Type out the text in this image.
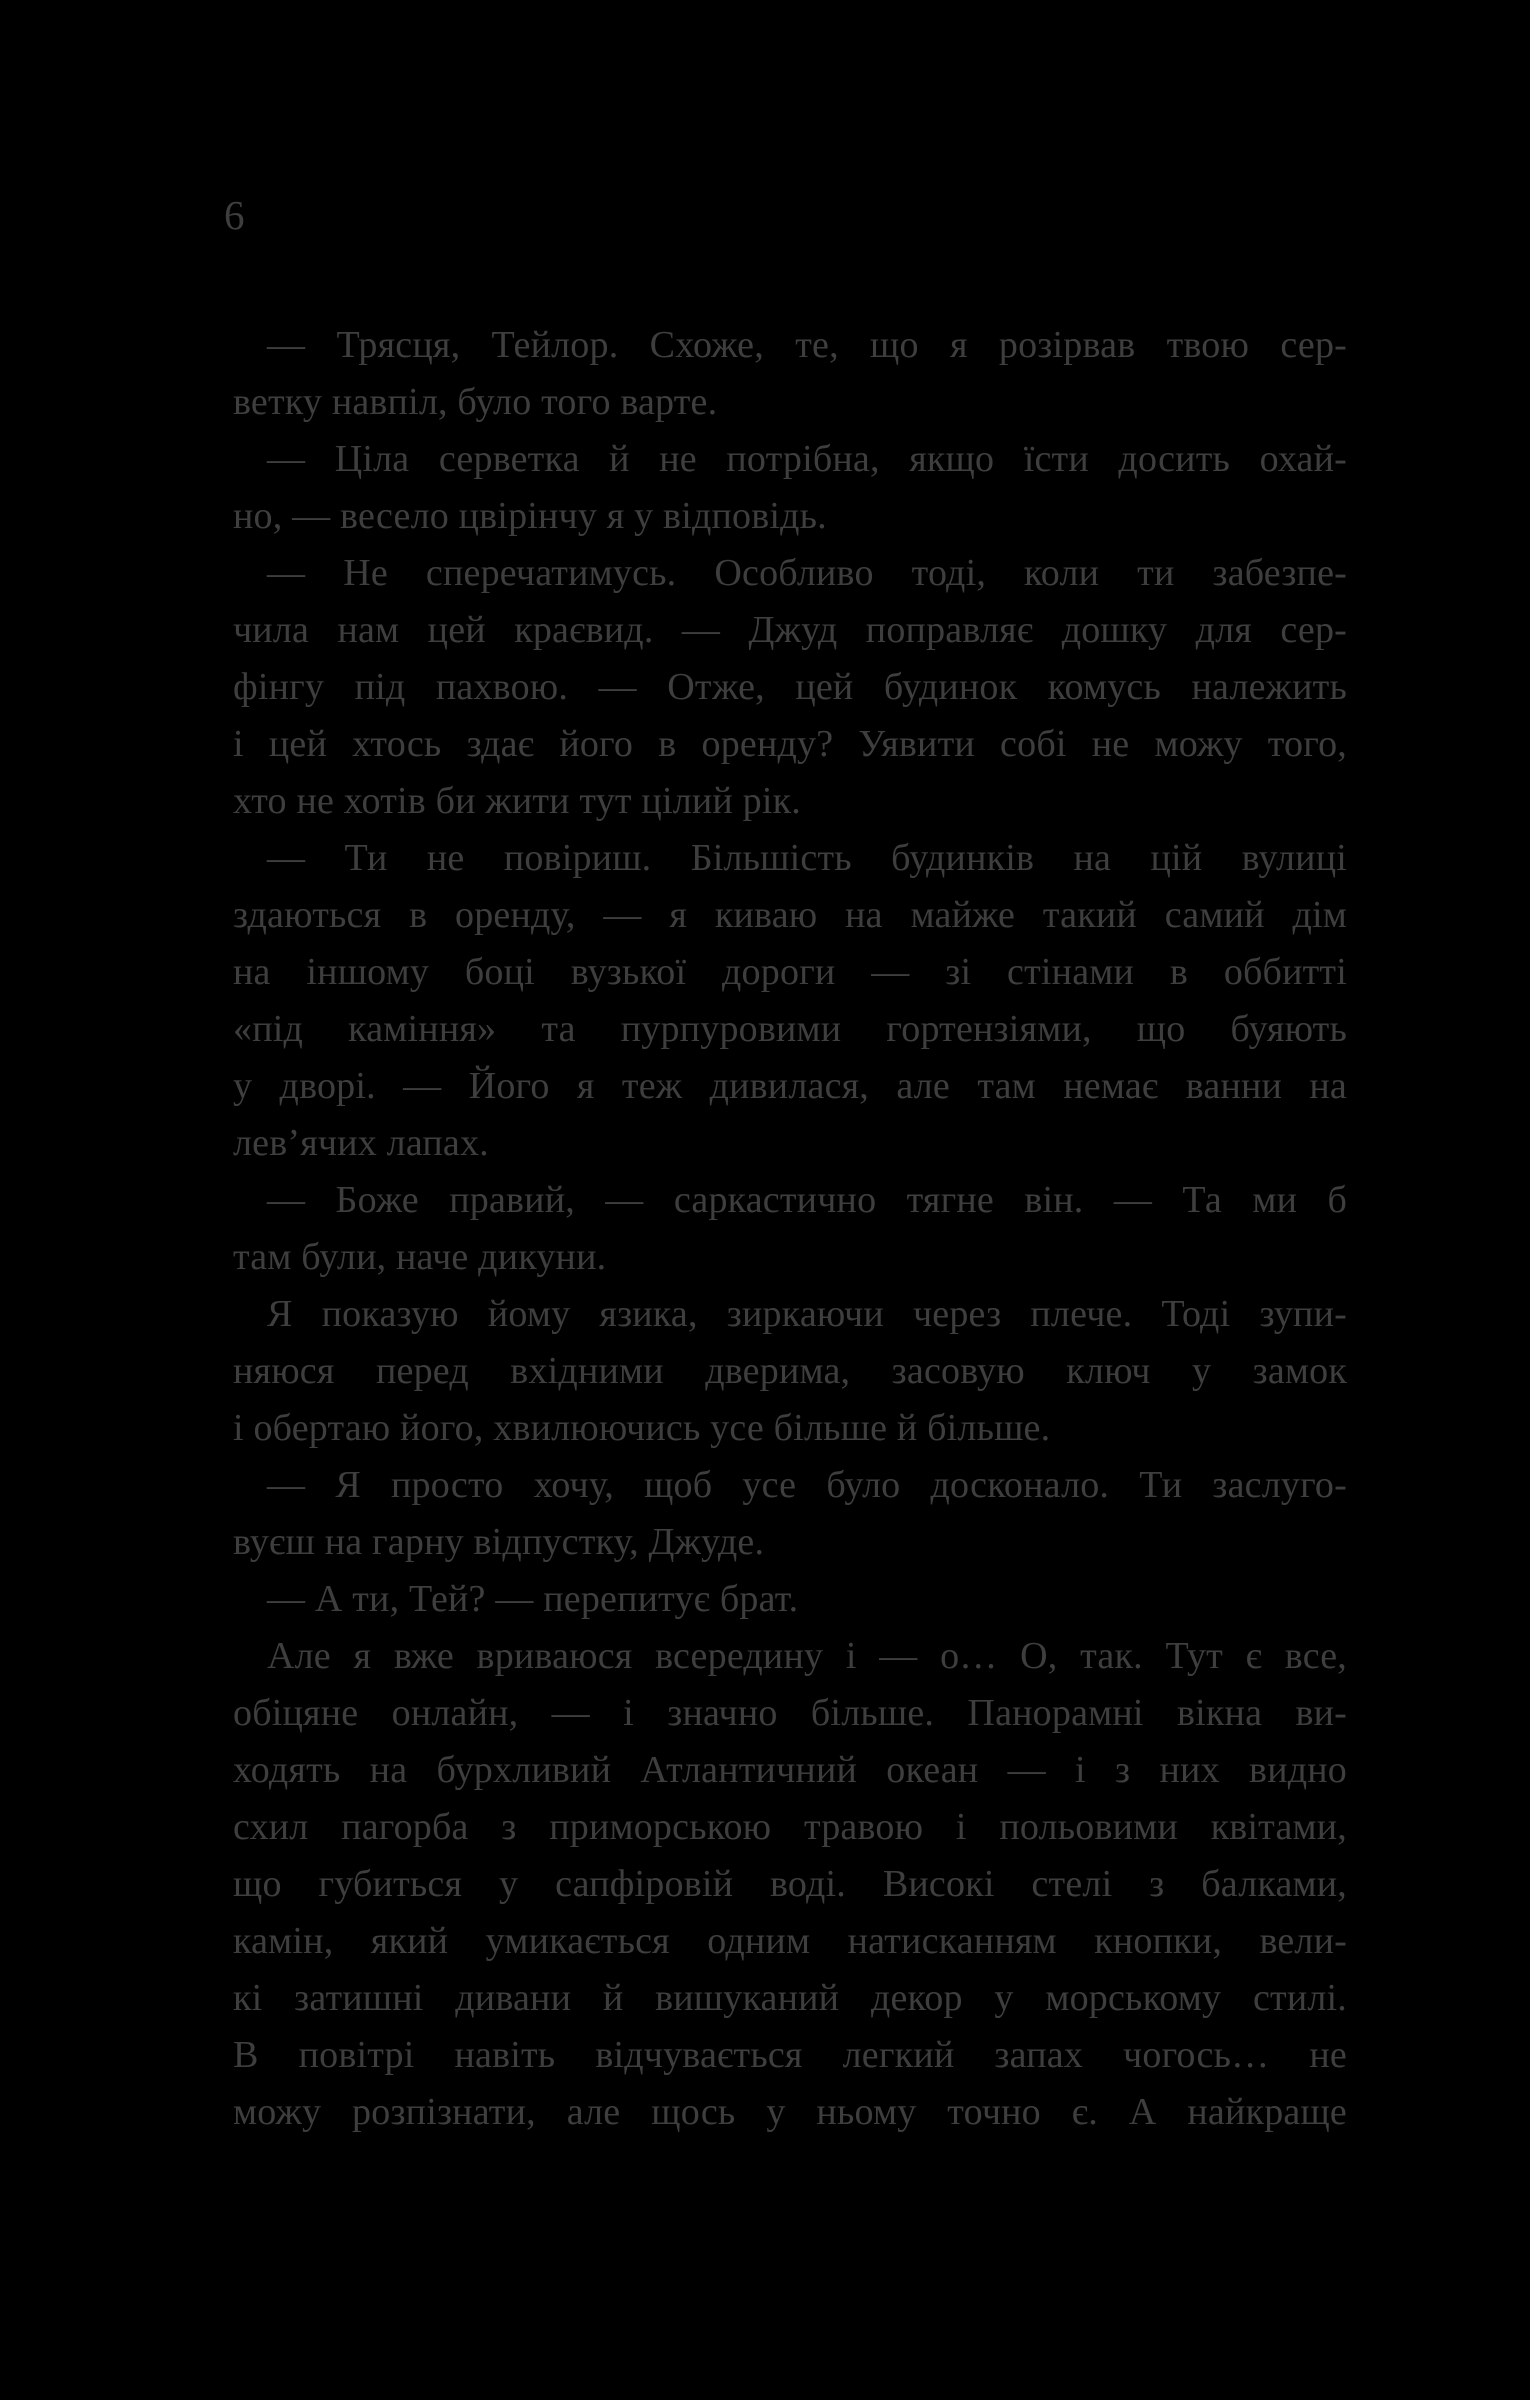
6
— Трясця, Тейлор. Схоже, те, що я розірвав твою сер-
ветку навпіл, було того варте.
— Ціла серветка й не потрібна, якщо їсти досить охай-
но, — весело цвірінчу я у відповідь.
— Не сперечатимусь. Особливо тоді, коли ти забезпе-
чила нам цей краєвид. — Джуд поправляє дошку для сер-
фінгу під пахвою. — Отже, цей будинок комусь належить
і цей хтось здає його в оренду? Уявити собі не можу того,
хто не хотів би жити тут цілий рік.
— Ти не повіриш. Більшість будинків на цій вулиці
здаються в оренду, — я киваю на майже такий самий дім
на іншому боці вузької дороги — зі стінами в оббитті
«під каміння» та пурпуровими гортензіями, що буяють
у дворі. — Його я теж дивилася, але там немає ванни на
лев’ячих лапах.
— Боже правий, — саркастично тягне він. — Та ми б
там були, наче дикуни.
Я показую йому язика, зиркаючи через плече. Тоді зупи-
няюся перед вхідними дверима, засовую ключ у замок
і обертаю його, хвилюючись усе більше й більше.
— Я просто хочу, щоб усе було досконало. Ти заслуго-
вуєш на гарну відпустку, Джуде.
— А ти, Тей? — перепитує брат.
Але я вже вриваюся всередину і — о… О, так. Тут є все,
обіцяне онлайн, — і значно більше. Панорамні вікна ви-
ходять на бурхливий Атлантичний океан — і з них видно
схил пагорба з приморською травою і польовими квітами,
що губиться у сапфіровій воді. Високі стелі з балками,
камін, який умикається одним натисканням кнопки, вели-
кі затишні дивани й вишуканий декор у морському стилі.
В повітрі навіть відчувається легкий запах чогось… не
можу розпізнати, але щось у ньому точно є. А найкраще
